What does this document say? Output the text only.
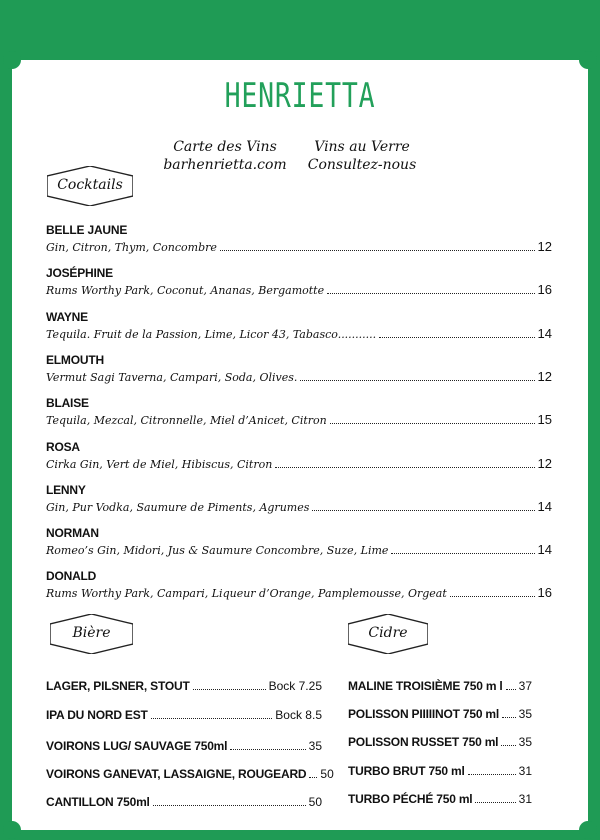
HENRIETTA
Carte des Vins
barhenrietta.com
Vins au Verre
Consultez-nous
Cocktails
BELLE JAUNE
Gin, Citron, Thym, Concombre	12
JOSÉPHINE
Rums Worthy Park, Coconut, Ananas, Bergamotte	16
WAYNE
Tequila. Fruit de la Passion, Lime, Licor 43, Tabasco...........	14
ELMOUTH
Vermut Sagi Taverna, Campari, Soda, Olives.	12
BLAISE
Tequila, Mezcal, Citronnelle, Miel d’Anicet, Citron	15
ROSA
Cirka Gin, Vert de Miel, Hibiscus, Citron	12
LENNY
Gin, Pur Vodka, Saumure de Piments, Agrumes	14
NORMAN
Romeo’s Gin, Midori, Jus & Saumure Concombre, Suze, Lime	14
DONALD
Rums Worthy Park, Campari, Liqueur d’Orange, Pamplemousse, Orgeat	16
Bière	Cidre
LAGER, PILSNER, STOUT	Bock 7.25
IPA DU NORD EST	Bock 8.5
VOIRONS LUG/ SAUVAGE 750ml	35
VOIRONS GANEVAT, LASSAIGNE, ROUGEARD 50
CANTILLON 750ml	50
MALINE TROISIÈME 750 m l 37
POLISSON PIIIIINOT 750 ml 35
POLISSON RUSSET 750 ml 35
TURBO BRUT 750 ml	31
TURBO PÉCHÉ 750 ml	31
